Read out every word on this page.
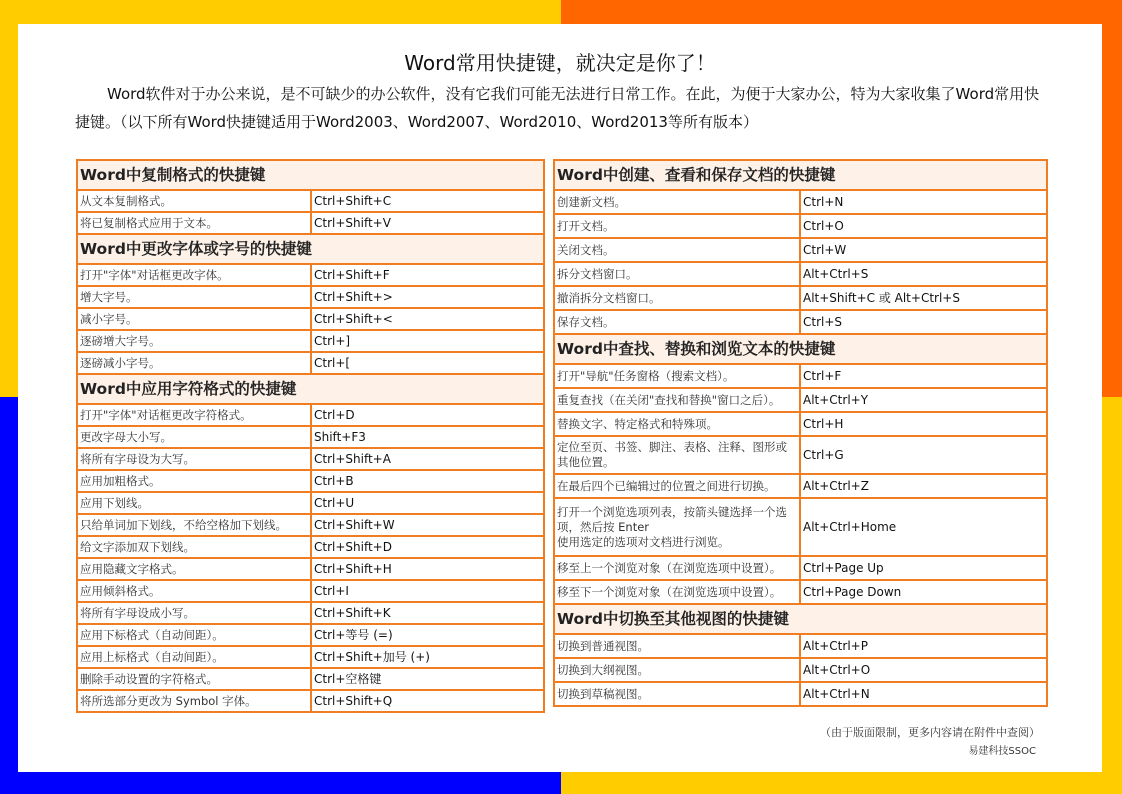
Word常用快捷键，就决定是你了！
Word软件对于办公来说，是不可缺少的办公软件，没有它我们可能无法进行日常工作。在此，为便于大家办公，特为大家收集了Word常用快捷键。（以下所有Word快捷键适用于Word2003、Word2007、Word2010、Word2013等所有版本）
Word中复制格式的快捷键	
从文本复制格式。	Ctrl+Shift+C
将已复制格式应用于文本。	Ctrl+Shift+V
Word中更改字体或字号的快捷键	
打开"字体"对话框更改字体。	Ctrl+Shift+F
增大字号。	Ctrl+Shift+>
减小字号。	Ctrl+Shift+<
逐磅增大字号。	Ctrl+]
逐磅减小字号。	Ctrl+[
Word中应用字符格式的快捷键	
打开"字体"对话框更改字符格式。	Ctrl+D
更改字母大小写。	Shift+F3
将所有字母设为大写。	Ctrl+Shift+A
应用加粗格式。	Ctrl+B
应用下划线。	Ctrl+U
只给单词加下划线，不给空格加下划线。	Ctrl+Shift+W
给文字添加双下划线。	Ctrl+Shift+D
应用隐藏文字格式。	Ctrl+Shift+H
应用倾斜格式。	Ctrl+I
将所有字母设成小写。	Ctrl+Shift+K
应用下标格式（自动间距）。	Ctrl+等号 (=)
应用上标格式（自动间距）。	Ctrl+Shift+加号 (+)
删除手动设置的字符格式。	Ctrl+空格键
将所选部分更改为 Symbol 字体。	Ctrl+Shift+Q
Word中创建、查看和保存文档的快捷键	
创建新文档。	Ctrl+N
打开文档。	Ctrl+O
关闭文档。	Ctrl+W
拆分文档窗口。	Alt+Ctrl+S
撤消拆分文档窗口。	Alt+Shift+C 或 Alt+Ctrl+S
保存文档。	Ctrl+S
Word中查找、替换和浏览文本的快捷键	
打开"导航"任务窗格（搜索文档）。	Ctrl+F
重复查找（在关闭"查找和替换"窗口之后）。	Alt+Ctrl+Y
替换文字、特定格式和特殊项。	Ctrl+H
定位至页、书签、脚注、表格、注释、图形或其他位置。	Ctrl+G
在最后四个已编辑过的位置之间进行切换。	Alt+Ctrl+Z
打开一个浏览选项列表，按箭头键选择一个选项，然后按 Enter
使用选定的选项对文档进行浏览。	Alt+Ctrl+Home
移至上一个浏览对象（在浏览选项中设置）。	Ctrl+Page Up
移至下一个浏览对象（在浏览选项中设置）。	Ctrl+Page Down
Word中切换至其他视图的快捷键	
切换到普通视图。	Alt+Ctrl+P
切换到大纲视图。	Alt+Ctrl+O
切换到草稿视图。	Alt+Ctrl+N
（由于版面限制，更多内容请在附件中查阅）
易建科技SSOC
